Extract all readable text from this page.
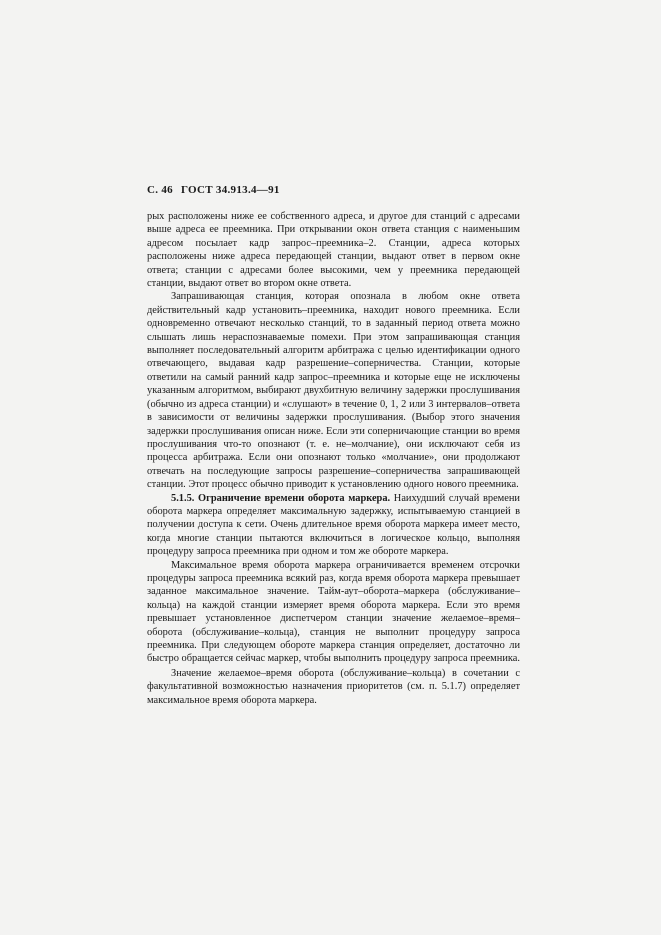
С. 46 ГОСТ 34.913.4—91

рых расположены ниже ее собственного адреса, и другое для станций с адресами выше адреса ее преемника. При открывании окон ответа станция с наименьшим адресом посылает кадр запрос–преемника–2. Станции, адреса которых расположены ниже адреса передающей станции, выдают ответ в первом окне ответа; станции с адресами более высокими, чем у преемника передающей станции, выдают ответ во втором окне ответа.

Запрашивающая станция, которая опознала в любом окне ответа действительный кадр установить–преемника, находит нового преемника. Если одновременно отвечают несколько станций, то в заданный период ответа можно слышать лишь нераспознаваемые помехи. При этом запрашивающая станция выполняет последовательный алгоритм арбитража с целью идентификации одного отвечающего, выдавая кадр разрешение–соперничества. Станции, которые ответили на самый ранний кадр запрос–преемника и которые еще не исключены указанным алгоритмом, выбирают двухбитную величину задержки прослушивания (обычно из адреса станции) и «слушают» в течение 0, 1, 2 или 3 интервалов–ответа в зависимости от величины задержки прослушивания. (Выбор этого значения задержки прослушивания описан ниже. Если эти соперничающие станции во время прослушивания что-то опознают (т. е. не–молчание), они исключают себя из процесса арбитража. Если они опознают только «молчание», они продолжают отвечать на последующие запросы разрешение–соперничества запрашивающей станции. Этот процесс обычно приводит к установлению одного нового преемника.

5.1.5. Ограничение времени оборота маркера. Наихудший случай времени оборота маркера определяет максимальную задержку, испытываемую станцией в получении доступа к сети. Очень длительное время оборота маркера имеет место, когда многие станции пытаются включиться в логическое кольцо, выполняя процедуру запроса преемника при одном и том же обороте маркера.

Максимальное время оборота маркера ограничивается временем отсрочки процедуры запроса преемника всякий раз, когда время оборота маркера превышает заданное максимальное значение. Тайм-аут–оборота–маркера (обслуживание–кольца) на каждой станции измеряет время оборота маркера. Если это время превышает установленное диспетчером станции значение желаемое–время–оборота (обслуживание–кольца), станция не выполнит процедуру запроса преемника. При следующем обороте маркера станция определяет, достаточно ли быстро обращается сейчас маркер, чтобы выполнить процедуру запроса преемника.

Значение желаемое–время оборота (обслуживание–кольца) в сочетании с факультативной возможностью назначения приоритетов (см. п. 5.1.7) определяет максимальное время оборота маркера.
